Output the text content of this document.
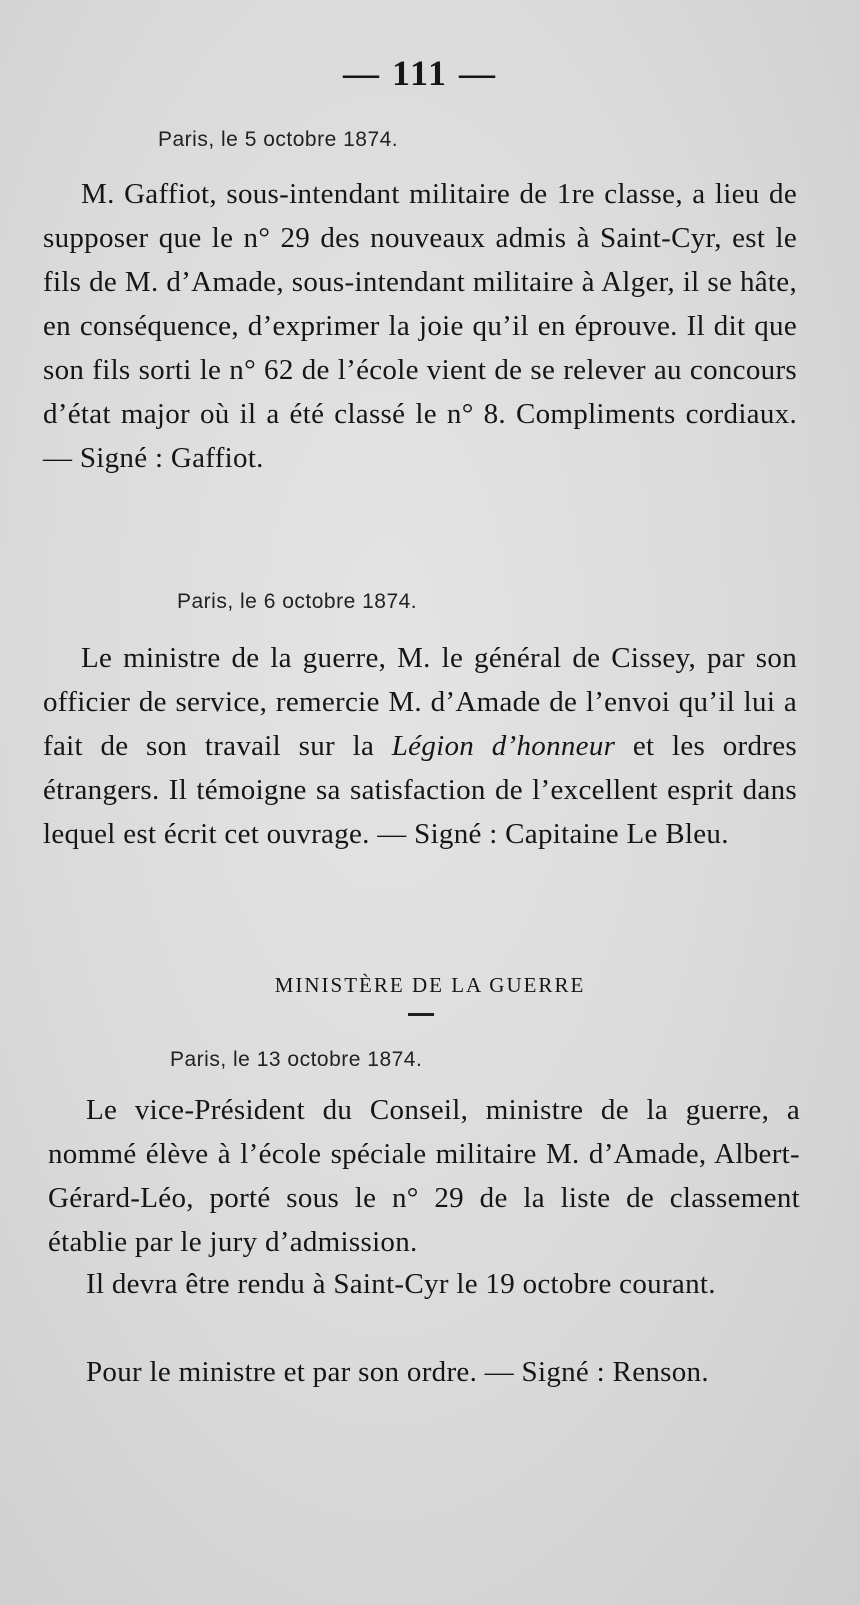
— 111 —
Paris, le 5 octobre 1874.

M. Gaffiot, sous-intendant militaire de 1re classe, a lieu de supposer que le n° 29 des nouveaux admis à Saint-Cyr, est le fils de M. d’Amade, sous-intendant militaire à Alger, il se hâte, en conséquence, d’exprimer la joie qu’il en éprouve. Il dit que son fils sorti le n° 62 de l’école vient de se relever au concours d’état major où il a été classé le n° 8. Compliments cordiaux. — Signé : Gaffiot.

Paris, le 6 octobre 1874.

Le ministre de la guerre, M. le général de Cissey, par son officier de service, remercie M. d’Amade de l’envoi qu’il lui a fait de son travail sur la Légion d’honneur et les ordres étrangers. Il témoigne sa satisfaction de l’excellent esprit dans lequel est écrit cet ouvrage. — Signé : Capitaine Le Bleu.

MINISTÈRE DE LA GUERRE
Paris, le 13 octobre 1874.

Le vice-Président du Conseil, ministre de la guerre, a nommé élève à l’école spéciale militaire M. d’Amade, Albert-Gérard-Léo, porté sous le n° 29 de la liste de classement établie par le jury d’admission.

Il devra être rendu à Saint-Cyr le 19 octobre courant.

Pour le ministre et par son ordre. — Signé : Renson.
